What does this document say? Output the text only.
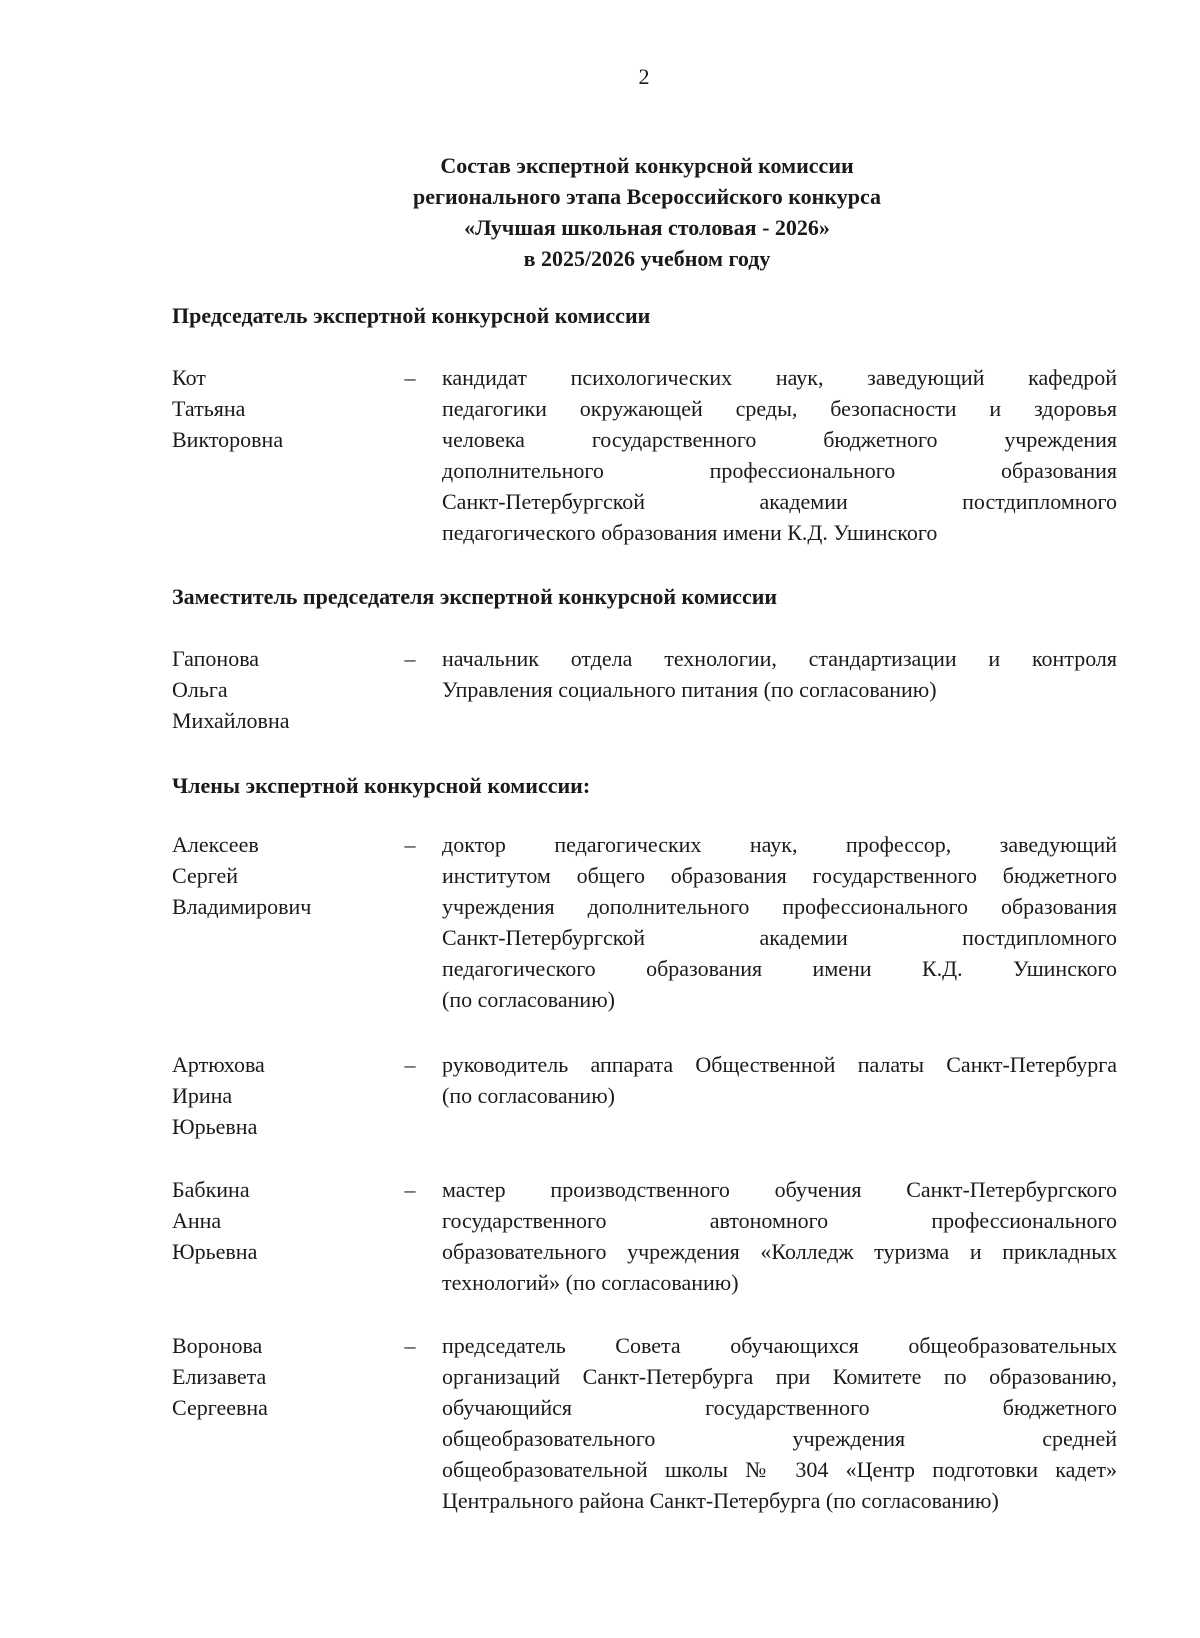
2
Состав экспертной конкурсной комиссии
регионального этапа Всероссийского конкурса
«Лучшая школьная столовая - 2026»
в 2025/2026 учебном году
Председатель экспертной конкурсной комиссии
Кот
Татьяна
Викторовна
– кандидат психологических наук, заведующий кафедрой
педагогики окружающей среды, безопасности и здоровья
человека государственного бюджетного учреждения
дополнительного профессионального образования
Санкт-Петербургской академии постдипломного
педагогического образования имени К.Д. Ушинского
Заместитель председателя экспертной конкурсной комиссии
Гапонова
Ольга
Михайловна
– начальник отдела технологии, стандартизации и контроля
Управления социального питания (по согласованию)
Члены экспертной конкурсной комиссии:
Алексеев
Сергей
Владимирович
– доктор педагогических наук, профессор, заведующий
институтом общего образования государственного бюджетного
учреждения дополнительного профессионального образования
Санкт-Петербургской академии постдипломного
педагогического образования имени К.Д. Ушинского
(по согласованию)
Артюхова
Ирина
Юрьевна
– руководитель аппарата Общественной палаты Санкт-Петербурга
(по согласованию)
Бабкина
Анна
Юрьевна
– мастер производственного обучения Санкт-Петербургского
государственного автономного профессионального
образовательного учреждения «Колледж туризма и прикладных
технологий» (по согласованию)
Воронова
Елизавета
Сергеевна
– председатель Совета обучающихся общеобразовательных
организаций Санкт-Петербурга при Комитете по образованию,
обучающийся государственного бюджетного
общеобразовательного учреждения средней
общеобразовательной школы № 304 «Центр подготовки кадет»
Центрального района Санкт-Петербурга (по согласованию)
